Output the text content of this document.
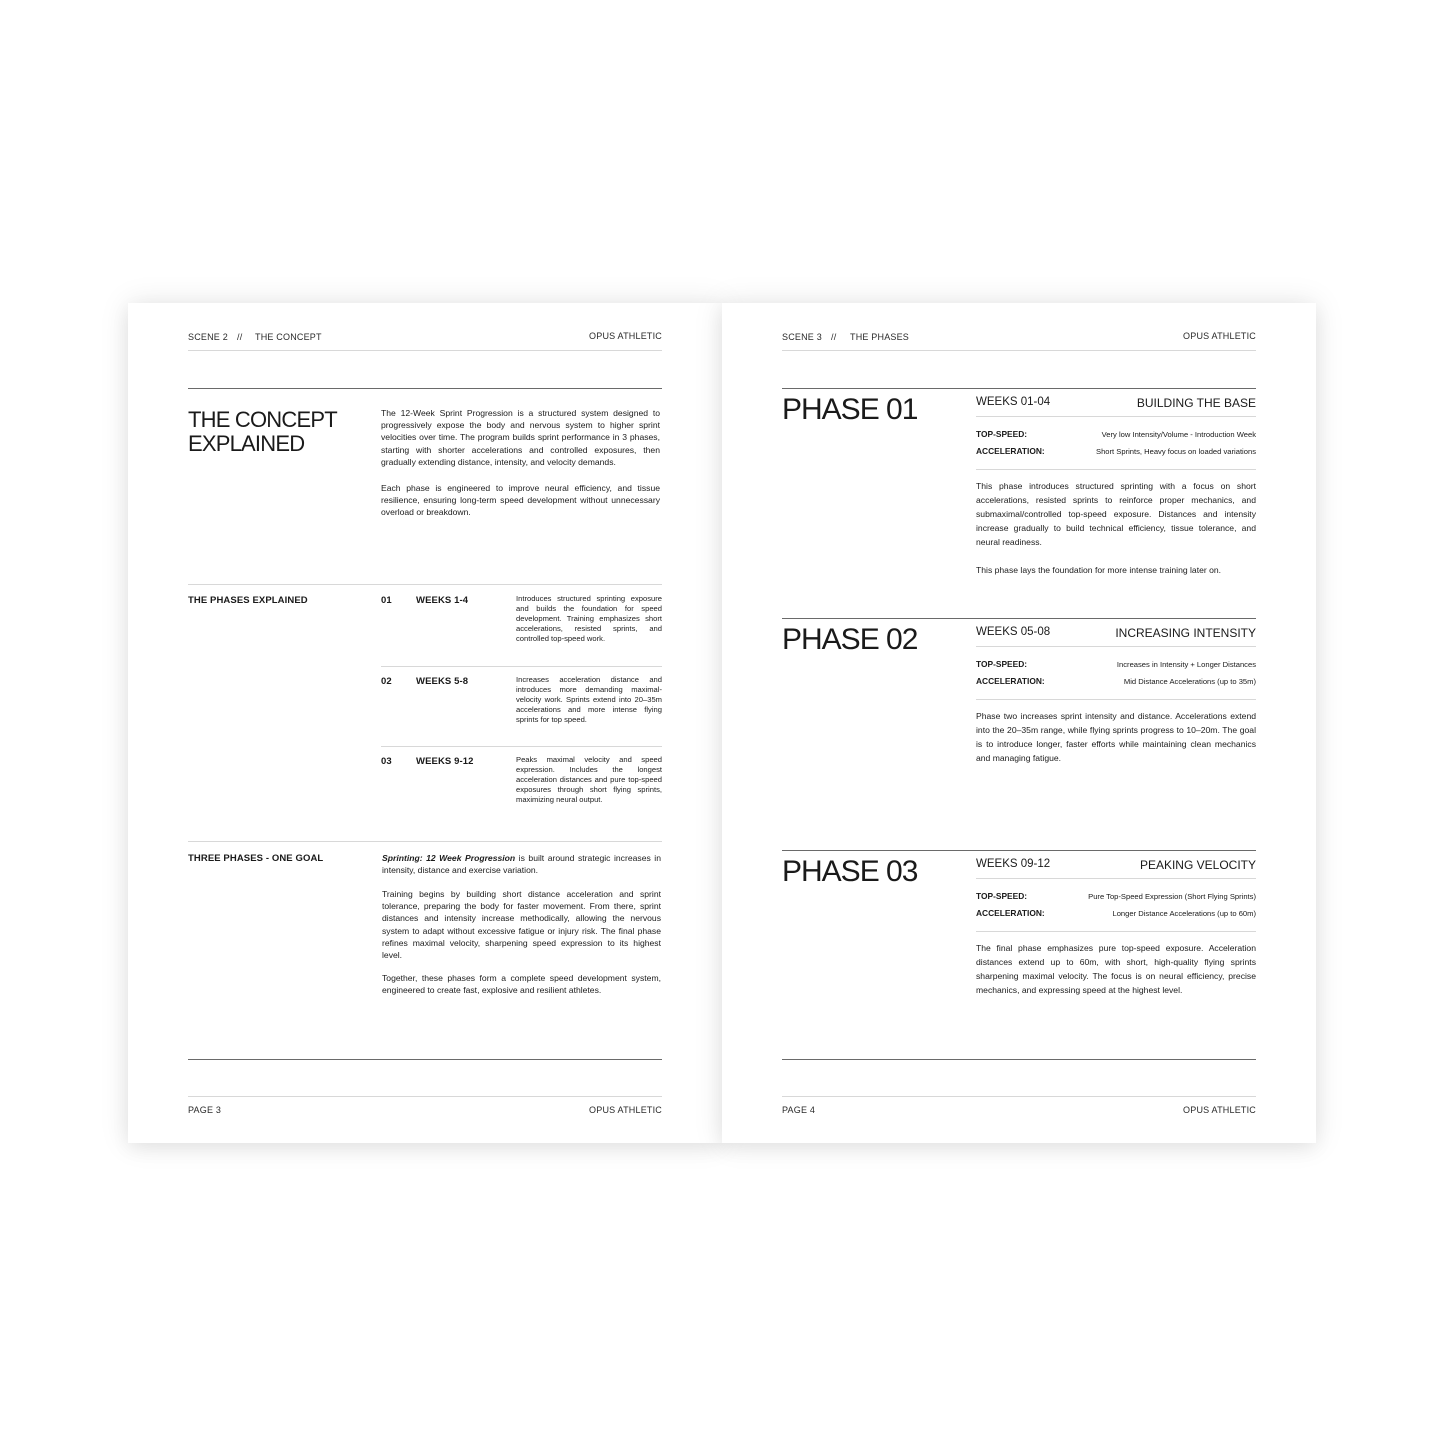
SCENE 2 // THE CONCEPT	OPUS ATHLETIC
THE CONCEPT
EXPLAINED
The 12-Week Sprint Progression is a structured system designed to progressively expose the body and nervous system to higher sprint velocities over time. The program builds sprint performance in 3 phases, starting with shorter accelerations and controlled exposures, then gradually extending distance, intensity, and velocity demands.
Each phase is engineered to improve neural efficiency, and tissue resilience, ensuring long-term speed development without unnecessary overload or breakdown.
THE PHASES EXPLAINED	01	WEEKS 1-4	Introduces structured sprinting exposure and builds the foundation for speed development. Training emphasizes short accelerations, resisted sprints, and controlled top-speed work.
02	WEEKS 5-8	Increases acceleration distance and introduces more demanding maximal-velocity work. Sprints extend into 20–35m accelerations and more intense flying sprints for top speed.
03	WEEKS 9-12	Peaks maximal velocity and speed expression. Includes the longest acceleration distances and pure top-speed exposures through short flying sprints, maximizing neural output.
THREE PHASES - ONE GOAL	Sprinting: 12 Week Progression is built around strategic increases in intensity, distance and exercise variation.
Training begins by building short distance acceleration and sprint tolerance, preparing the body for faster movement. From there, sprint distances and intensity increase methodically, allowing the nervous system to adapt without excessive fatigue or injury risk. The final phase refines maximal velocity, sharpening speed expression to its highest level.
Together, these phases form a complete speed development system, engineered to create fast, explosive and resilient athletes.
PAGE 3	OPUS ATHLETIC
SCENE 3 // THE PHASES	OPUS ATHLETIC
PHASE 01	WEEKS 01-04	BUILDING THE BASE
TOP-SPEED:	Very low Intensity/Volume - Introduction Week
ACCELERATION:	Short Sprints, Heavy focus on loaded variations
This phase introduces structured sprinting with a focus on short accelerations, resisted sprints to reinforce proper mechanics, and submaximal/controlled top-speed exposure. Distances and intensity increase gradually to build technical efficiency, tissue tolerance, and neural readiness.
This phase lays the foundation for more intense training later on.
PHASE 02	WEEKS 05-08	INCREASING INTENSITY
TOP-SPEED:	Increases in Intensity + Longer Distances
ACCELERATION:	Mid Distance Accelerations (up to 35m)
Phase two increases sprint intensity and distance. Accelerations extend into the 20–35m range, while flying sprints progress to 10–20m. The goal is to introduce longer, faster efforts while maintaining clean mechanics and managing fatigue.
PHASE 03	WEEKS 09-12	PEAKING VELOCITY
TOP-SPEED:	Pure Top-Speed Expression (Short Flying Sprints)
ACCELERATION:	Longer Distance Accelerations (up to 60m)
The final phase emphasizes pure top-speed exposure. Acceleration distances extend up to 60m, with short, high-quality flying sprints sharpening maximal velocity. The focus is on neural efficiency, precise mechanics, and expressing speed at the highest level.
PAGE 4	OPUS ATHLETIC
